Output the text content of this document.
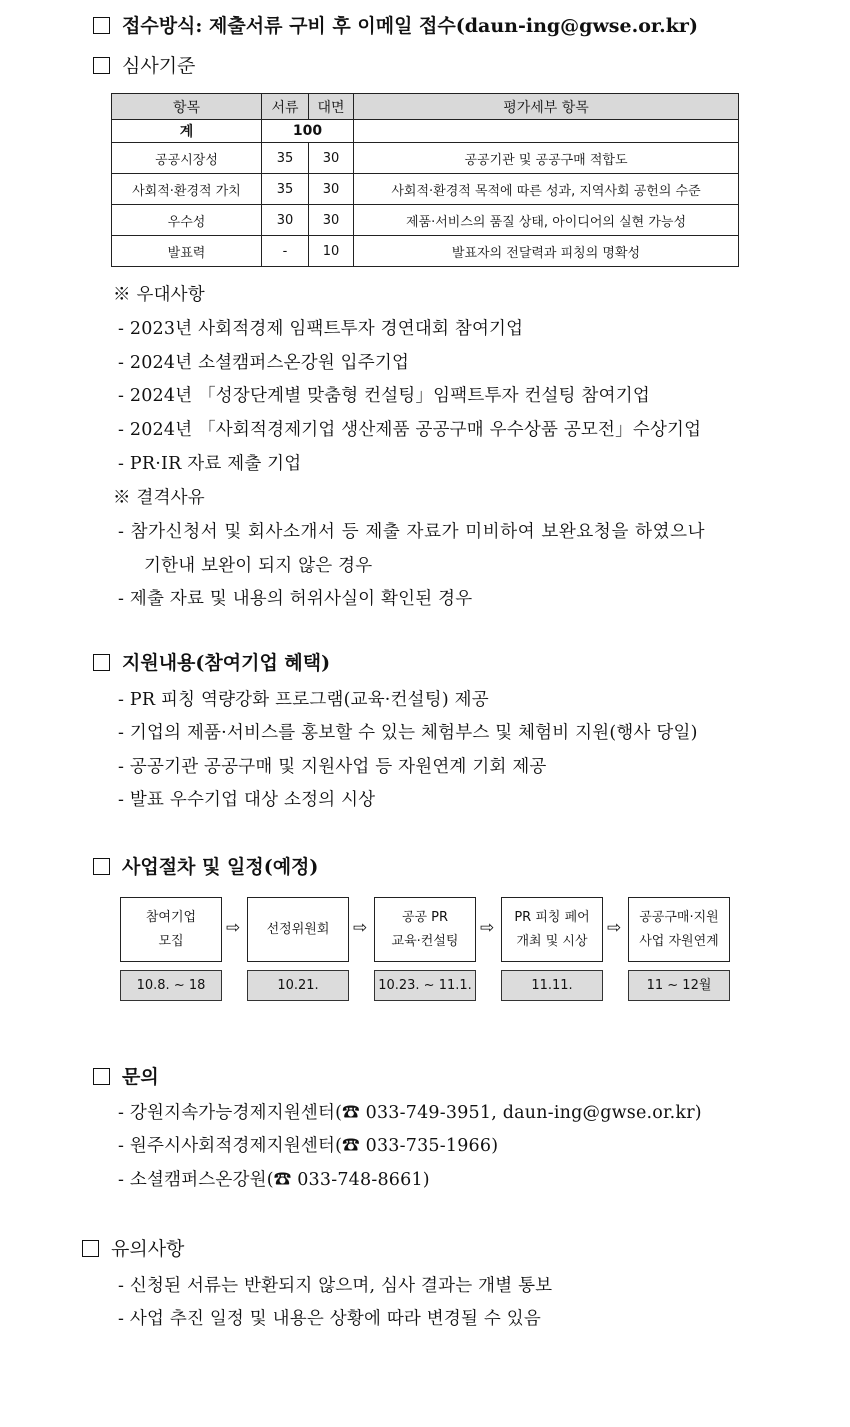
접수방식: 제출서류 구비 후 이메일 접수(daun-ing@gwse.or.kr)
심사기준
항목	서류	대면	평가세부 항목
계	100		
공공시장성	35	30	공공기관 및 공공구매 적합도
사회적·환경적 가치	35	30	사회적·환경적 목적에 따른 성과, 지역사회 공헌의 수준
우수성	30	30	제품·서비스의 품질 상태, 아이디어의 실현 가능성
발표력	-	10	발표자의 전달력과 피칭의 명확성
※ 우대사항
- 2023년 사회적경제 임팩트투자 경연대회 참여기업
- 2024년 소셜캠퍼스온강원 입주기업
- 2024년 「성장단계별 맞춤형 컨설팅」임팩트투자 컨설팅 참여기업
- 2024년 「사회적경제기업 생산제품 공공구매 우수상품 공모전」수상기업
- PR·IR 자료 제출 기업
※ 결격사유
- 참가신청서 및 회사소개서 등 제출 자료가 미비하여 보완요청을 하였으나
기한내 보완이 되지 않은 경우
- 제출 자료 및 내용의 허위사실이 확인된 경우
지원내용(참여기업 혜택)
- PR 피칭 역량강화 프로그램(교육·컨설팅) 제공
- 기업의 제품·서비스를 홍보할 수 있는 체험부스 및 체험비 지원(행사 당일)
- 공공기관 공공구매 및 지원사업 등 자원연계 기회 제공
- 발표 우수기업 대상 소정의 시상
사업절차 및 일정(예정)
참여기업
모집
⇨	선정위원회	⇨
공공 PR
교육·컨설팅
⇨
PR 피칭 페어
개최 및 시상
⇨
공공구매·지원
사업 자원연계
10.8. ~ 18	10.21.	10.23. ~ 11.1.	11.11.	11 ~ 12월
문의
- 강원지속가능경제지원센터(☎ 033-749-3951, daun-ing@gwse.or.kr)
- 원주시사회적경제지원센터(☎ 033-735-1966)
- 소셜캠퍼스온강원(☎ 033-748-8661)
유의사항
- 신청된 서류는 반환되지 않으며, 심사 결과는 개별 통보
- 사업 추진 일정 및 내용은 상황에 따라 변경될 수 있음
